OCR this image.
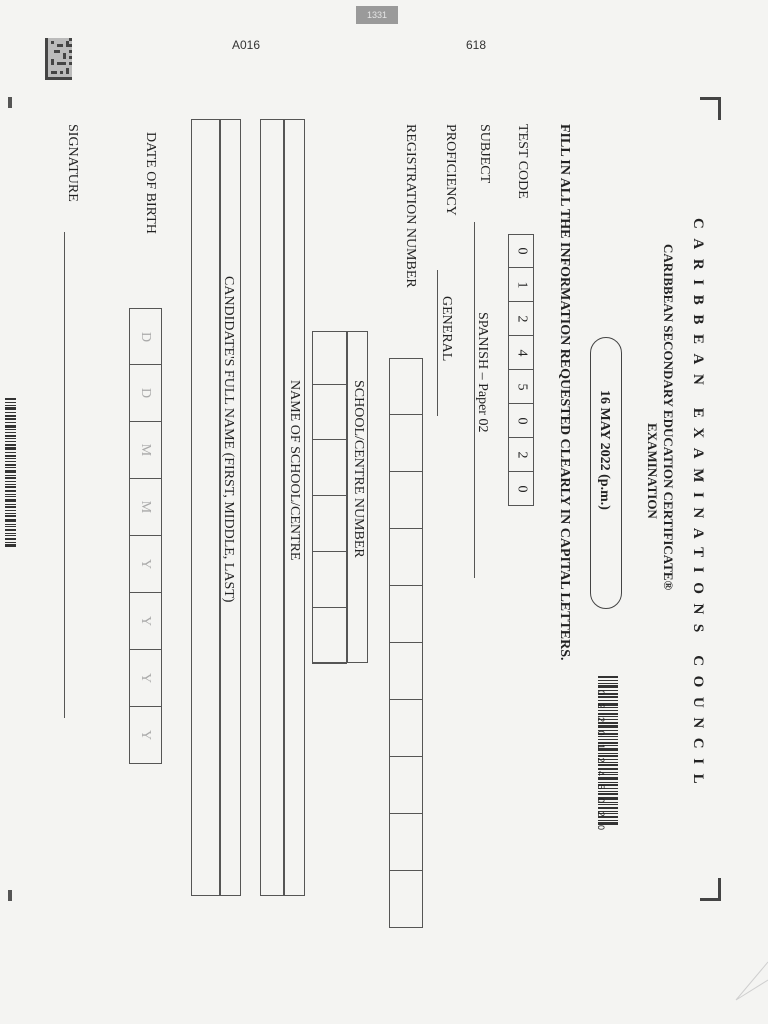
1331
A016	618
CARIBBEAN EXAMINATIONS COUNCIL
CARIBBEAN SECONDARY EDUCATION CERTIFICATE®
EXAMINATION
16 MAY 2022 (p.m.)
0 2 2 0 1 2 4 5 0 2 0
FILL IN ALL THE INFORMATION REQUESTED CLEARLY IN CAPITAL LETTERS.
TEST CODE
0
1
2
4
5
0
2
0
SUBJECT
SPANISH – Paper 02
PROFICIENCY
GENERAL
REGISTRATION NUMBER
SCHOOL/CENTRE NUMBER
NAME OF SCHOOL/CENTRE
CANDIDATE'S FULL NAME (FIRST, MIDDLE, LAST)
DATE OF BIRTH
D
D
M
M
Y
Y
Y
Y
SIGNATURE
